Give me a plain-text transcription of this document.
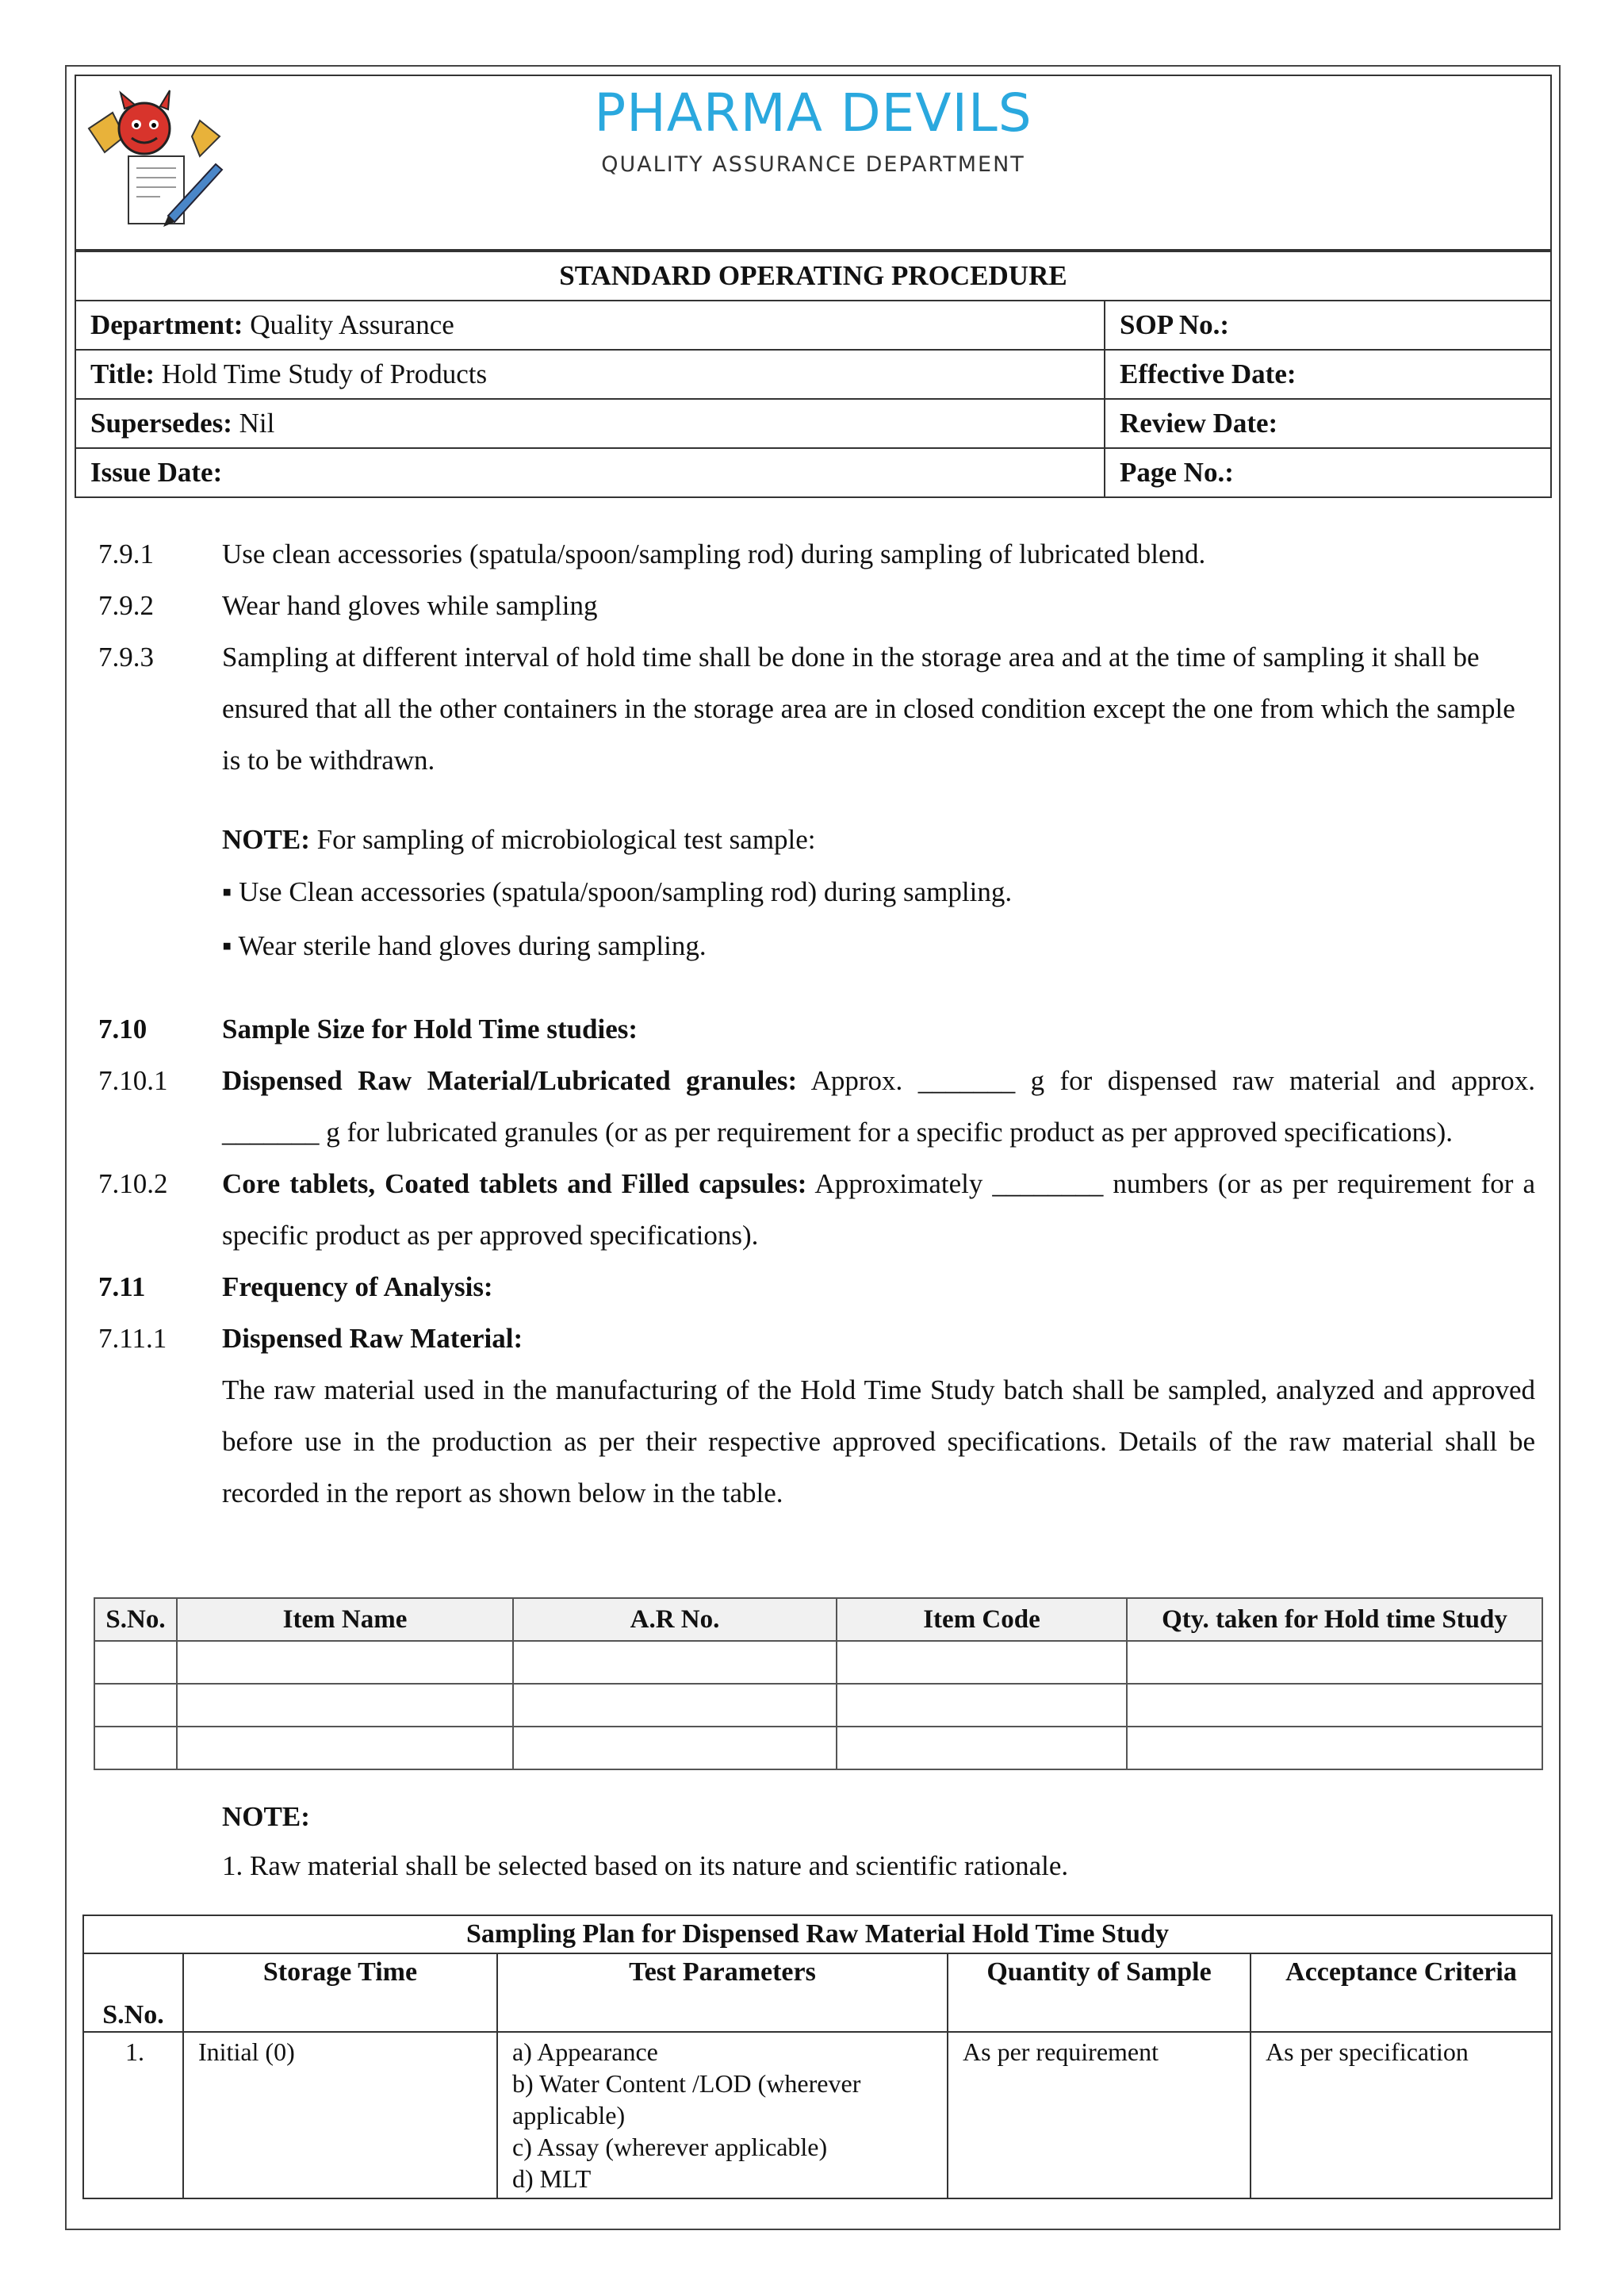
PHARMA DEVILS
QUALITY ASSURANCE DEPARTMENT
STANDARD OPERATING PROCEDURE	
Department: Quality Assurance	SOP No.:
Title: Hold Time Study of Products	Effective Date:
Supersedes: Nil	Review Date:
Issue Date:	Page No.:
7.9.1	Use clean accessories (spatula/spoon/sampling rod) during sampling of lubricated blend.
7.9.2	Wear hand gloves while sampling
7.9.3	Sampling at different interval of hold time shall be done in the storage area and at the time of sampling it shall be ensured that all the other containers in the storage area are in closed condition except the one from which the sample is to be withdrawn.
NOTE: For sampling of microbiological test sample:
▪ Use Clean accessories (spatula/spoon/sampling rod) during sampling.
▪ Wear sterile hand gloves during sampling.
7.10	Sample Size for Hold Time studies:
7.10.1	Dispensed Raw Material/Lubricated granules: Approx. _______ g for dispensed raw material and approx. _______ g for lubricated granules (or as per requirement for a specific product as per approved specifications).
7.10.2	Core tablets, Coated tablets and Filled capsules: Approximately ________ numbers (or as per requirement for a specific product as per approved specifications).
7.11	Frequency of Analysis:
7.11.1	Dispensed Raw Material:
The raw material used in the manufacturing of the Hold Time Study batch shall be sampled, analyzed and approved before use in the production as per their respective approved specifications. Details of the raw material shall be recorded in the report as shown below in the table.
S.No.	Item Name	A.R No.	Item Code	Qty. taken for Hold time Study

NOTE:
1. Raw material shall be selected based on its nature and scientific rationale.
Sampling Plan for Dispensed Raw Material Hold Time Study				
S.No.	Storage Time	Test Parameters	Quantity of Sample	Acceptance Criteria
1.	Initial (0)	a) Appearance
b) Water Content /LOD (wherever applicable)
c) Assay (wherever applicable)
d) MLT	As per requirement	As per specification
